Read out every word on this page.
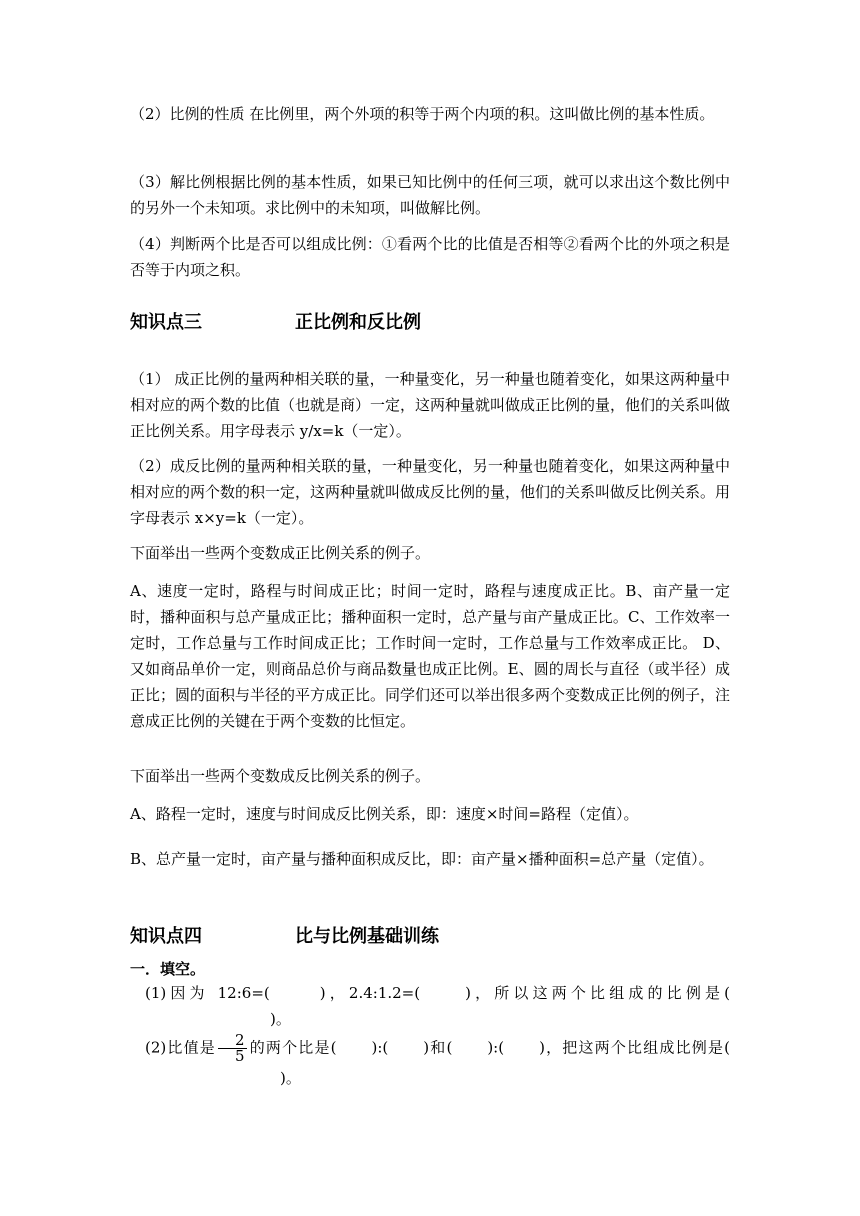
（2）比例的性质 在比例里，两个外项的积等于两个内项的积。这叫做比例的基本性质。

（3）解比例根据比例的基本性质，如果已知比例中的任何三项，就可以求出这个数比例中的另外一个未知项。求比例中的未知项，叫做解比例。

（4）判断两个比是否可以组成比例：①看两个比的比值是否相等②看两个比的外项之积是否等于内项之积。

知识点三	正比例和反比例

（1） 成正比例的量两种相关联的量，一种量变化，另一种量也随着变化，如果这两种量中相对应的两个数的比值（也就是商）一定，这两种量就叫做成正比例的量，他们的关系叫做正比例关系。用字母表示 y/x=k（一定）。

（2）成反比例的量两种相关联的量，一种量变化，另一种量也随着变化，如果这两种量中相对应的两个数的积一定，这两种量就叫做成反比例的量，他们的关系叫做反比例关系。用字母表示 x×y=k（一定）。

下面举出一些两个变数成正比例关系的例子。

A、速度一定时，路程与时间成正比；时间一定时，路程与速度成正比。B、亩产量一定时，播种面积与总产量成正比；播种面积一定时，总产量与亩产量成正比。C、工作效率一定时，工作总量与工作时间成正比；工作时间一定时，工作总量与工作效率成正比。 D、又如商品单价一定，则商品总价与商品数量也成正比例。E、圆的周长与直径（或半径）成正比；圆的面积与半径的平方成正比。同学们还可以举出很多两个变数成正比例的例子，注意成正比例的关键在于两个变数的比恒定。

下面举出一些两个变数成反比例关系的例子。

A、路程一定时，速度与时间成反比例关系，即：速度×时间=路程（定值）。

B、总产量一定时，亩产量与播种面积成反比，即：亩产量×播种面积=总产量（定值）。

知识点四	比与比例基础训练
一．填空。

(1)因为 12:6=(	)，2.4:1.2=(	)，所以这两个比组成的比例是()。

(2)比值是 $\frac{2}{5}$ 的两个比是( ):( )和( ):( )，把这两个比组成比例是()。
